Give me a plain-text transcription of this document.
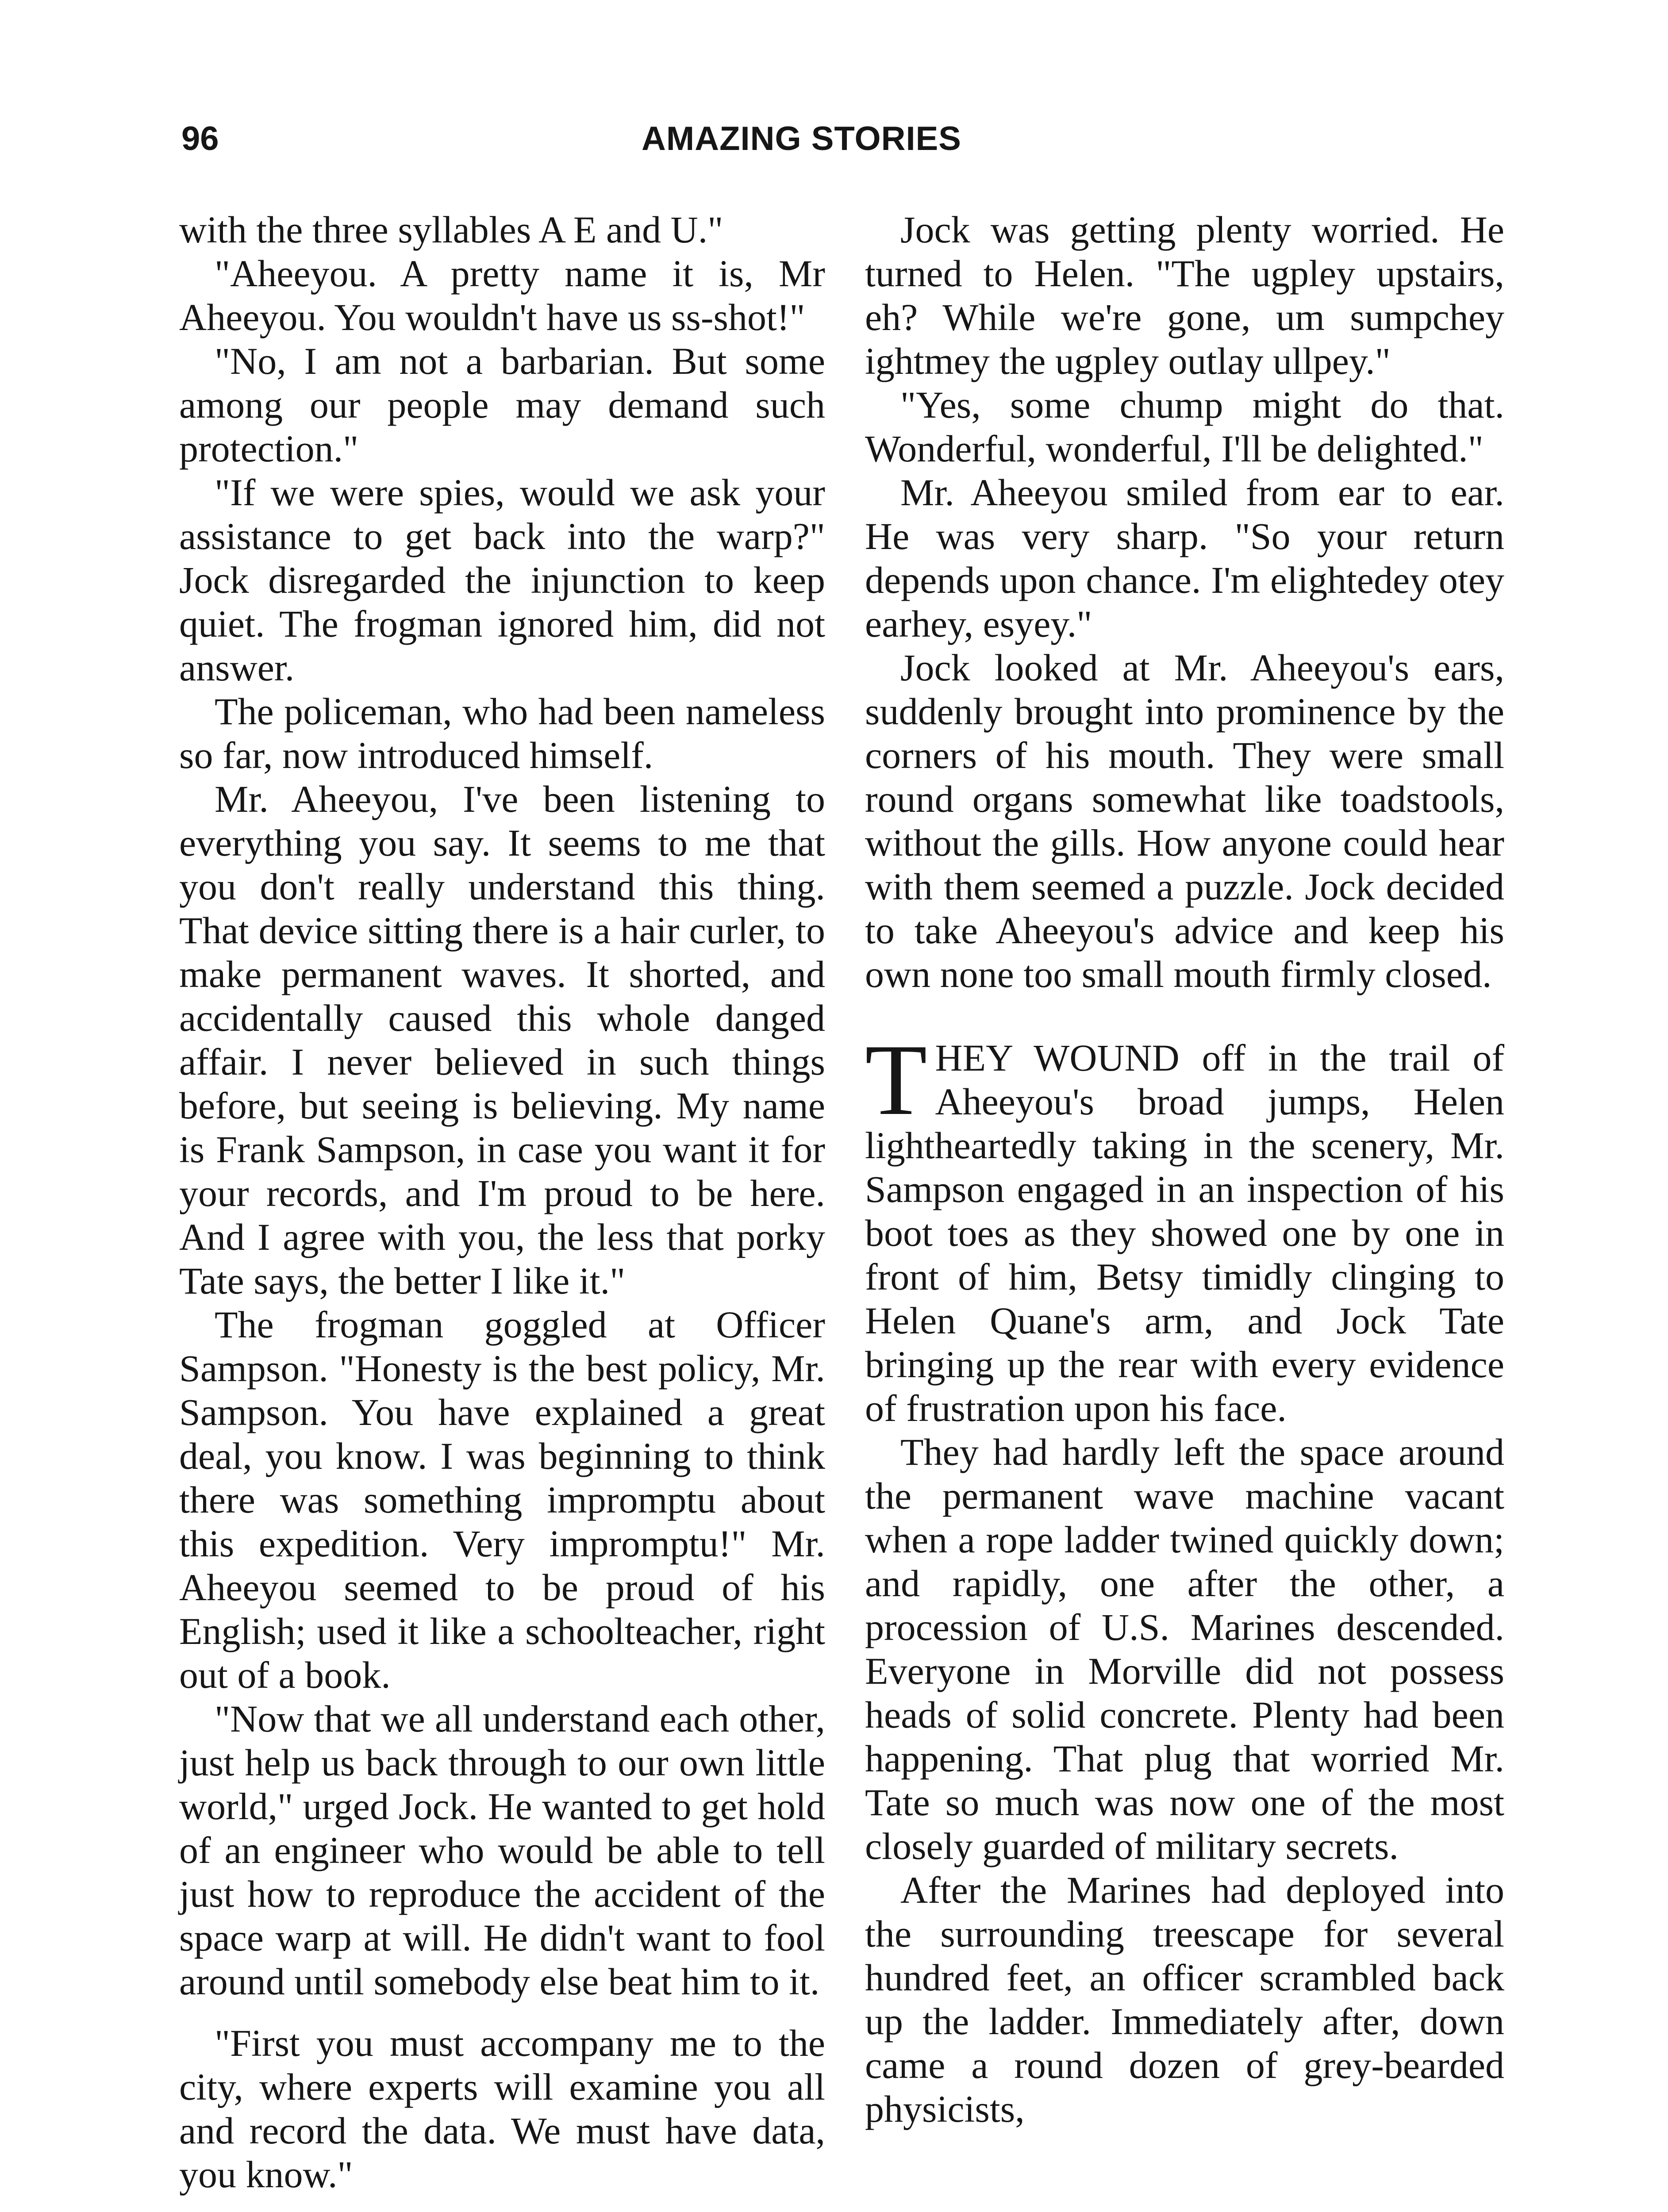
96	AMAZING STORIES

with the three syllables A E and U."

"Aheeyou. A pretty name it is, Mr Aheeyou. You wouldn't have us ss-shot!"

"No, I am not a barbarian. But some among our people may demand such protection."

"If we were spies, would we ask your assistance to get back into the warp?" Jock disregarded the injunction to keep quiet. The frogman ignored him, did not answer.

The policeman, who had been nameless so far, now introduced himself.

Mr. Aheeyou, I've been listening to everything you say. It seems to me that you don't really understand this thing. That device sitting there is a hair curler, to make permanent waves. It shorted, and accidentally caused this whole danged affair. I never believed in such things before, but seeing is believing. My name is Frank Sampson, in case you want it for your records, and I'm proud to be here. And I agree with you, the less that porky Tate says, the better I like it."

The frogman goggled at Officer Sampson. "Honesty is the best policy, Mr. Sampson. You have explained a great deal, you know. I was beginning to think there was something impromptu about this expedition. Very impromptu!" Mr. Aheeyou seemed to be proud of his English; used it like a schoolteacher, right out of a book.

"Now that we all understand each other, just help us back through to our own little world," urged Jock. He wanted to get hold of an engineer who would be able to tell just how to reproduce the accident of the space warp at will. He didn't want to fool around until somebody else beat him to it.

"First you must accompany me to the city, where experts will examine you all and record the data. We must have data, you know."

Jock was getting plenty worried. He turned to Helen. "The ugpley upstairs, eh? While we're gone, um sumpchey ightmey the ugpley outlay ullpey."

"Yes, some chump might do that. Wonderful, wonderful, I'll be delighted."

Mr. Aheeyou smiled from ear to ear. He was very sharp. "So your return depends upon chance. I'm elightedey otey earhey, esyey."

Jock looked at Mr. Aheeyou's ears, suddenly brought into prominence by the corners of his mouth. They were small round organs somewhat like toadstools, without the gills. How anyone could hear with them seemed a puzzle. Jock decided to take Aheeyou's advice and keep his own none too small mouth firmly closed.

THEY WOUND off in the trail of Aheeyou's broad jumps, Helen lightheartedly taking in the scenery, Mr. Sampson engaged in an inspection of his boot toes as they showed one by one in front of him, Betsy timidly clinging to Helen Quane's arm, and Jock Tate bringing up the rear with every evidence of frustration upon his face.

They had hardly left the space around the permanent wave machine vacant when a rope ladder twined quickly down; and rapidly, one after the other, a procession of U.S. Marines descended. Everyone in Morville did not possess heads of solid concrete. Plenty had been happening. That plug that worried Mr. Tate so much was now one of the most closely guarded of military secrets.

After the Marines had deployed into the surrounding treescape for several hundred feet, an officer scrambled back up the ladder. Immediately after, down came a round dozen of grey-bearded physicists,
